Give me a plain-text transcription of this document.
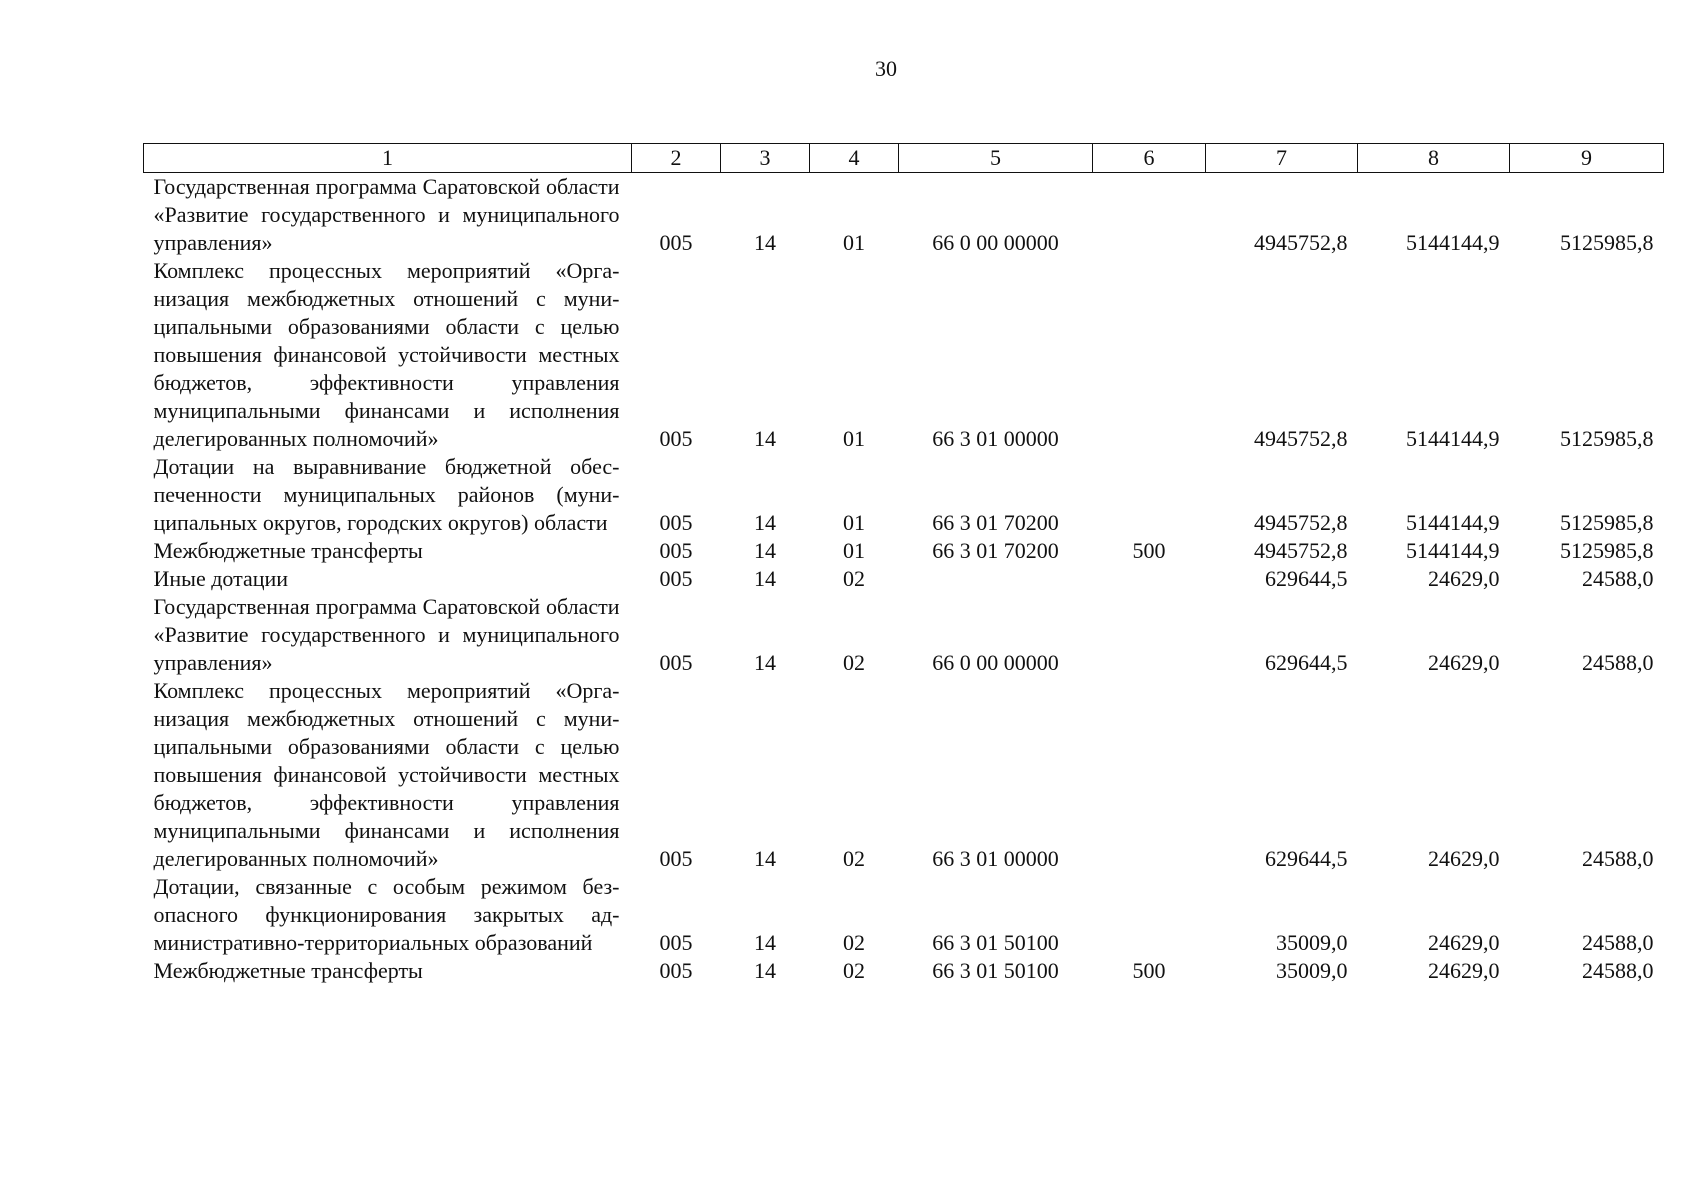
30
1	2	3	4	5	6	7	8	9
Государственная программа Саратовской области «Развитие государственного и муниципального управления»	005	14	01	66 0 00 00000		4945752,8	5144144,9	5125985,8
Комплекс процессных мероприятий «Организация межбюджетных отношений с муниципальными образованиями области с целью повышения финансовой устойчивости местных бюджетов, эффективности управления муниципальными финансами и исполнения делегированных полномочий»	005	14	01	66 3 01 00000		4945752,8	5144144,9	5125985,8
Дотации на выравнивание бюджетной обеспеченности муниципальных районов (муниципальных округов, городских округов) области	005	14	01	66 3 01 70200		4945752,8	5144144,9	5125985,8
Межбюджетные трансферты	005	14	01	66 3 01 70200	500	4945752,8	5144144,9	5125985,8
Иные дотации	005	14	02			629644,5	24629,0	24588,0
Государственная программа Саратовской области «Развитие государственного и муниципального управления»	005	14	02	66 0 00 00000		629644,5	24629,0	24588,0
Комплекс процессных мероприятий «Организация межбюджетных отношений с муниципальными образованиями области с целью повышения финансовой устойчивости местных бюджетов, эффективности управления муниципальными финансами и исполнения делегированных полномочий»	005	14	02	66 3 01 00000		629644,5	24629,0	24588,0
Дотации, связанные с особым режимом безопасного функционирования закрытых административно-территориальных образований	005	14	02	66 3 01 50100		35009,0	24629,0	24588,0
Межбюджетные трансферты	005	14	02	66 3 01 50100	500	35009,0	24629,0	24588,0
